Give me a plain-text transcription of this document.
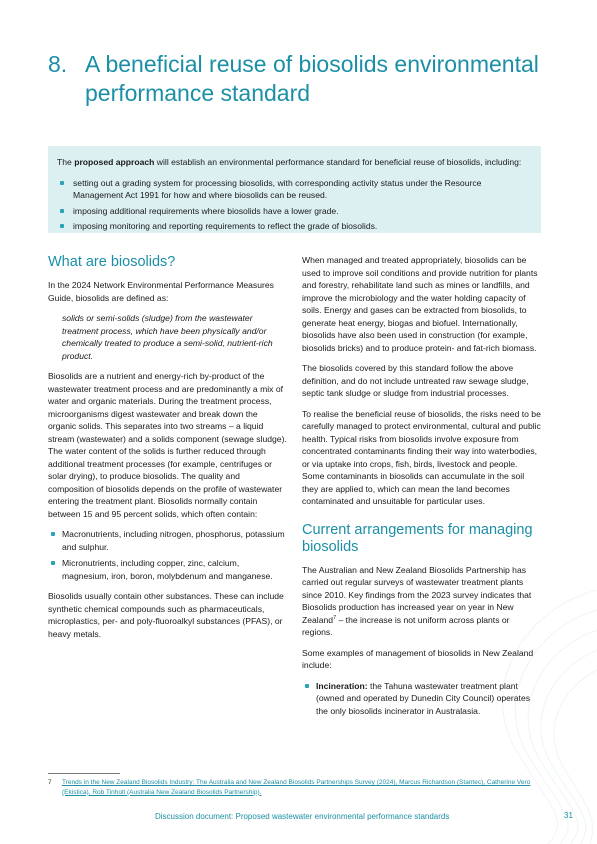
8. A beneficial reuse of biosolids environmental
performance standard

The proposed approach will establish an environmental performance standard for beneficial reuse of biosolids, including:

setting out a grading system for processing biosolids, with corresponding activity status under the Resource Management Act 1991 for how and where biosolids can be reused.
imposing additional requirements where biosolids have a lower grade.
imposing monitoring and reporting requirements to reflect the grade of biosolids.
What are biosolids?

In the 2024 Network Environmental Performance Measures Guide, biosolids are defined as:

solids or semi-solids (sludge) from the wastewater treatment process, which have been physically and/or chemically treated to produce a semi-solid, nutrient-rich product.

Biosolids are a nutrient and energy-rich by-product of the wastewater treatment process and are predominantly a mix of water and organic materials. During the treatment process, microorganisms digest wastewater and break down the organic solids. This separates into two streams – a liquid stream (wastewater) and a solids component (sewage sludge). The water content of the solids is further reduced through additional treatment processes (for example, centrifuges or solar drying), to produce biosolids. The quality and composition of biosolids depends on the profile of wastewater entering the treatment plant. Biosolids normally contain between 15 and 95 percent solids, which often contain:

Macronutrients, including nitrogen, phosphorus, potassium and sulphur.
Micronutrients, including copper, zinc, calcium, magnesium, iron, boron, molybdenum and manganese.

Biosolids usually contain other substances. These can include synthetic chemical compounds such as pharmaceuticals, microplastics, per- and poly-fluoroalkyl substances (PFAS), or heavy metals.

When managed and treated appropriately, biosolids can be used to improve soil conditions and provide nutrition for plants and forestry, rehabilitate land such as mines or landfills, and improve the microbiology and the water holding capacity of soils. Energy and gases can be extracted from biosolids, to generate heat energy, biogas and biofuel. Internationally, biosolids have also been used in construction (for example, biosolids bricks) and to produce protein- and fat-rich biomass.

The biosolids covered by this standard follow the above definition, and do not include untreated raw sewage sludge, septic tank sludge or sludge from industrial processes.

To realise the beneficial reuse of biosolids, the risks need to be carefully managed to protect environmental, cultural and public health. Typical risks from biosolids involve exposure from concentrated contaminants finding their way into waterbodies, or via uptake into crops, fish, birds, livestock and people. Some contaminants in biosolids can accumulate in the soil they are applied to, which can mean the land becomes contaminated and unsuitable for particular uses.

Current arrangements for managing biosolids

The Australian and New Zealand Biosolids Partnership has carried out regular surveys of wastewater treatment plants since 2010. Key findings from the 2023 survey indicates that Biosolids production has increased year on year in New Zealand$^7$ – the increase is not uniform across plants or regions.

Some examples of management of biosolids in New Zealand include:

Incineration: the Tahuna wastewater treatment plant (owned and operated by Dunedin City Council) operates the only biosolids incinerator in Australasia.
7	Trends in the New Zealand Biosolids Industry: The Australia and New Zealand Biosolids Partnerships Survey (2024), Marcus Richardson (Stantec), Catherine Vero (Ekistica), Rob Tinholt (Australia New Zealand Biosolids Partnership).
Discussion document: Proposed wastewater environmental performance standards	31
